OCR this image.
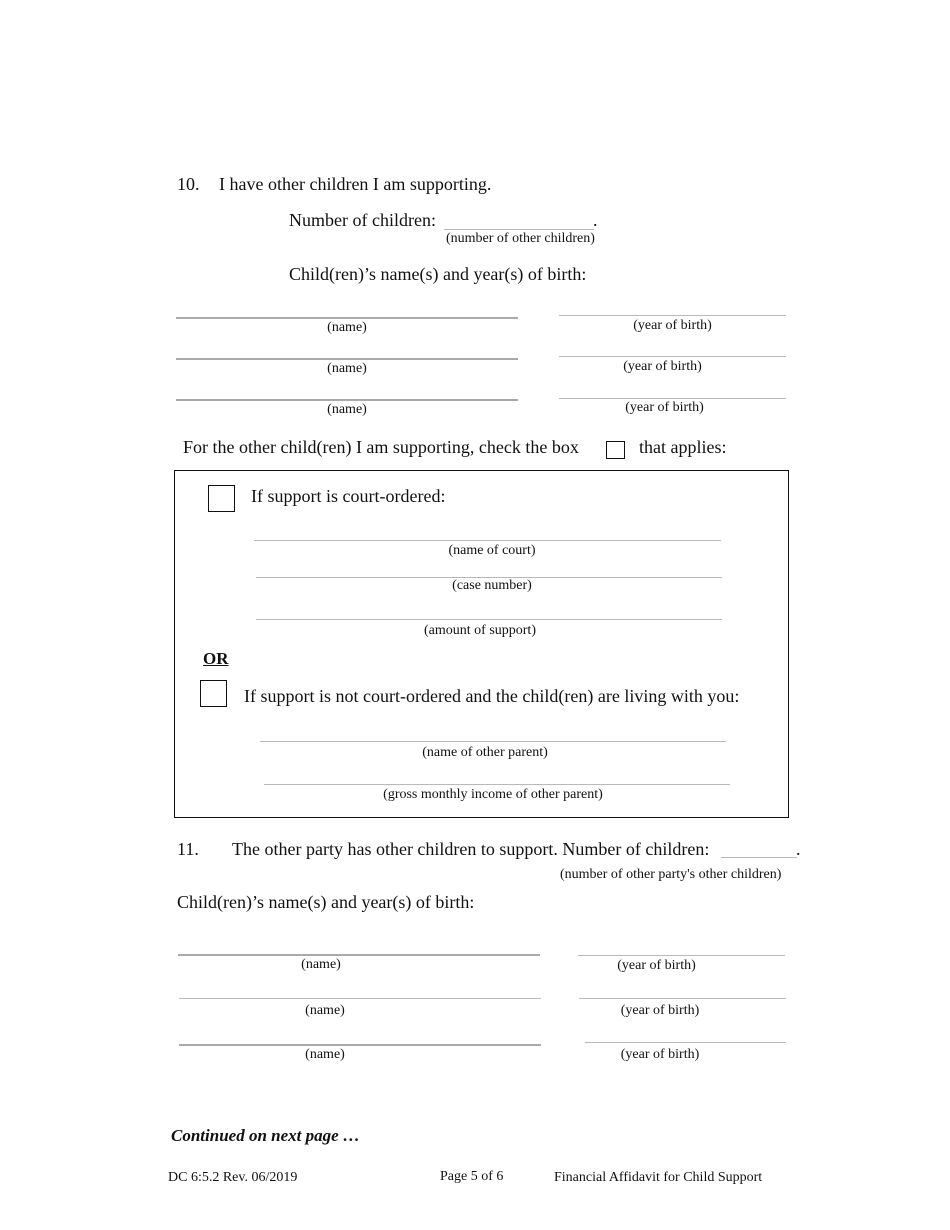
10. I have other children I am supporting.
Number of children:	.
(number of other children)
Child(ren)’s name(s) and year(s) of birth:
(name)	(year of birth)
(name)	(year of birth)
(name)	(year of birth)
For the other child(ren) I am supporting, check the box	that applies:
If support is court-ordered:
(name of court)
(case number)
(amount of support)
OR
If support is not court-ordered and the child(ren) are living with you:
(name of other parent)
(gross monthly income of other parent)
11. The other party has other children to support. Number of children:	.
(number of other party's other children)
Child(ren)’s name(s) and year(s) of birth:
(name)	(year of birth)
(name)	(year of birth)
(name)	(year of birth)
Continued on next page …
DC 6:5.2 Rev. 06/2019	Page 5 of 6	Financial Affidavit for Child Support
